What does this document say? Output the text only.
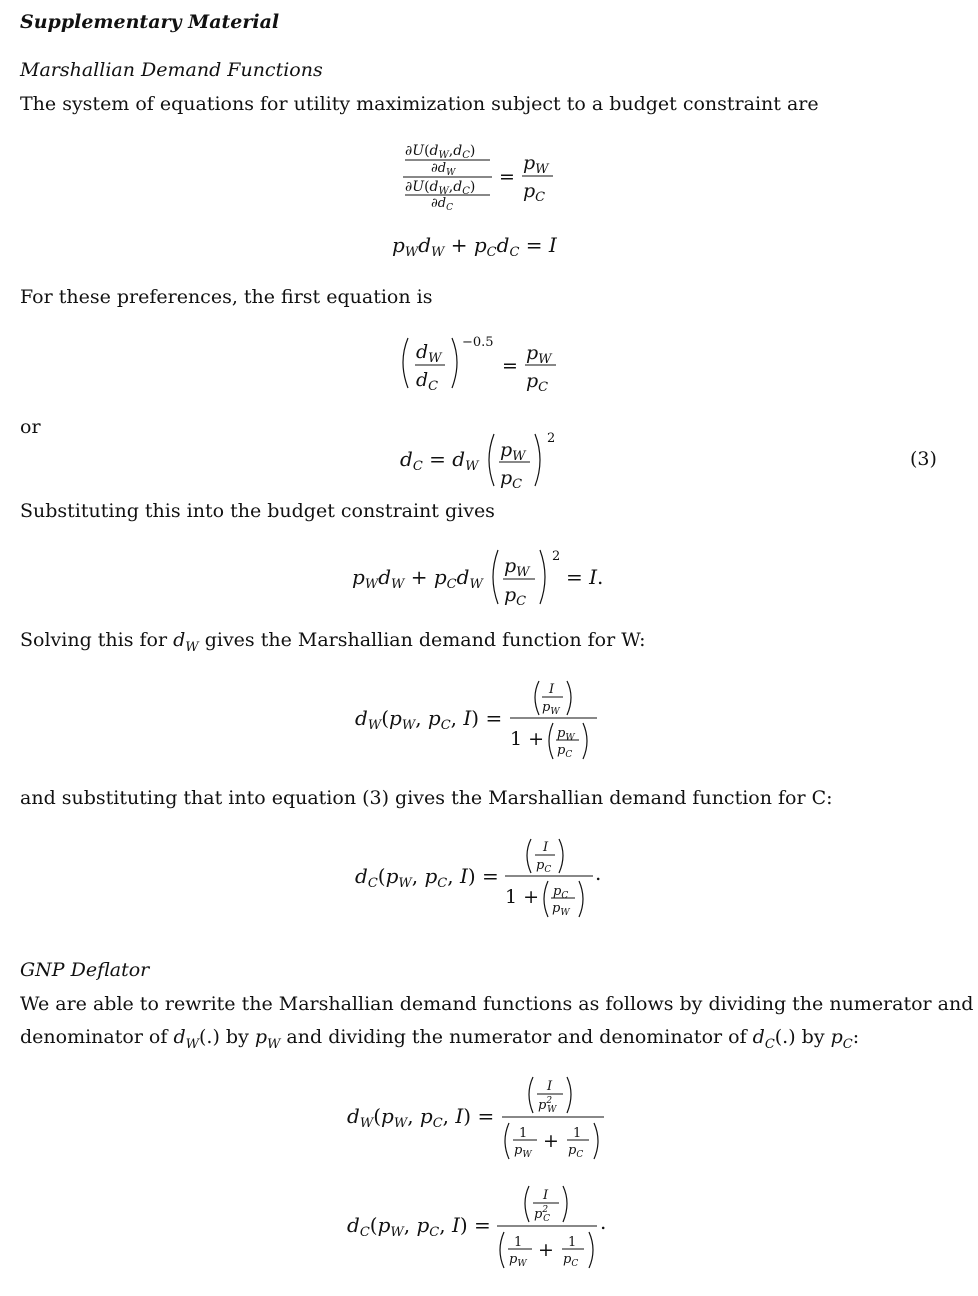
Supplementary Material
Marshallian Demand Functions
The system of equations for utility maximization subject to a budget constraint are
$\partial U(d_W,d_C)$
$\partial d_W$
$\partial U(d_W,d_C)$
$\partial d_C$
=
$p_W$
$p_C$
$p_Wd_W + p_Cd_C = I$
For these preferences, the first equation is
$d_W$
$d_C$
−0.5
=
$p_W$
$p_C$
or
$d_C = d_W$
$p_W$
$p_C$
2
(3)
Substituting this into the budget constraint gives
$p_Wd_W + p_Cd_W$
$p_W$
$p_C$
2
= I.
Solving this for $d_W$ gives the Marshallian demand function for W:
$d_W(p_W$, $p_C$, I) =
I
$p_W$
$1 + p_W$
$p_C$
and substituting that into equation (3) gives the Marshallian demand function for C:
$d_C(p_W$, $p_C$, I) =
I
$p_C$
$1 + p_C$
$p_W$
.
GNP Deflator
We are able to rewrite the Marshallian demand functions as follows by dividing the numerator and
denominator of $d_W(.)$ by $p_W$ and dividing the numerator and denominator of $d_C(.)$ by $p_C$:
$d_W(p_W$, $p_C$, I) =
I
$p^2$ W
1
$p_W$
+ 1
$p_C$
$d_C(p_W$, $p_C$, I) =
I
$p^2$ C
1
$p_W$
+ 1
$p_C$
.
